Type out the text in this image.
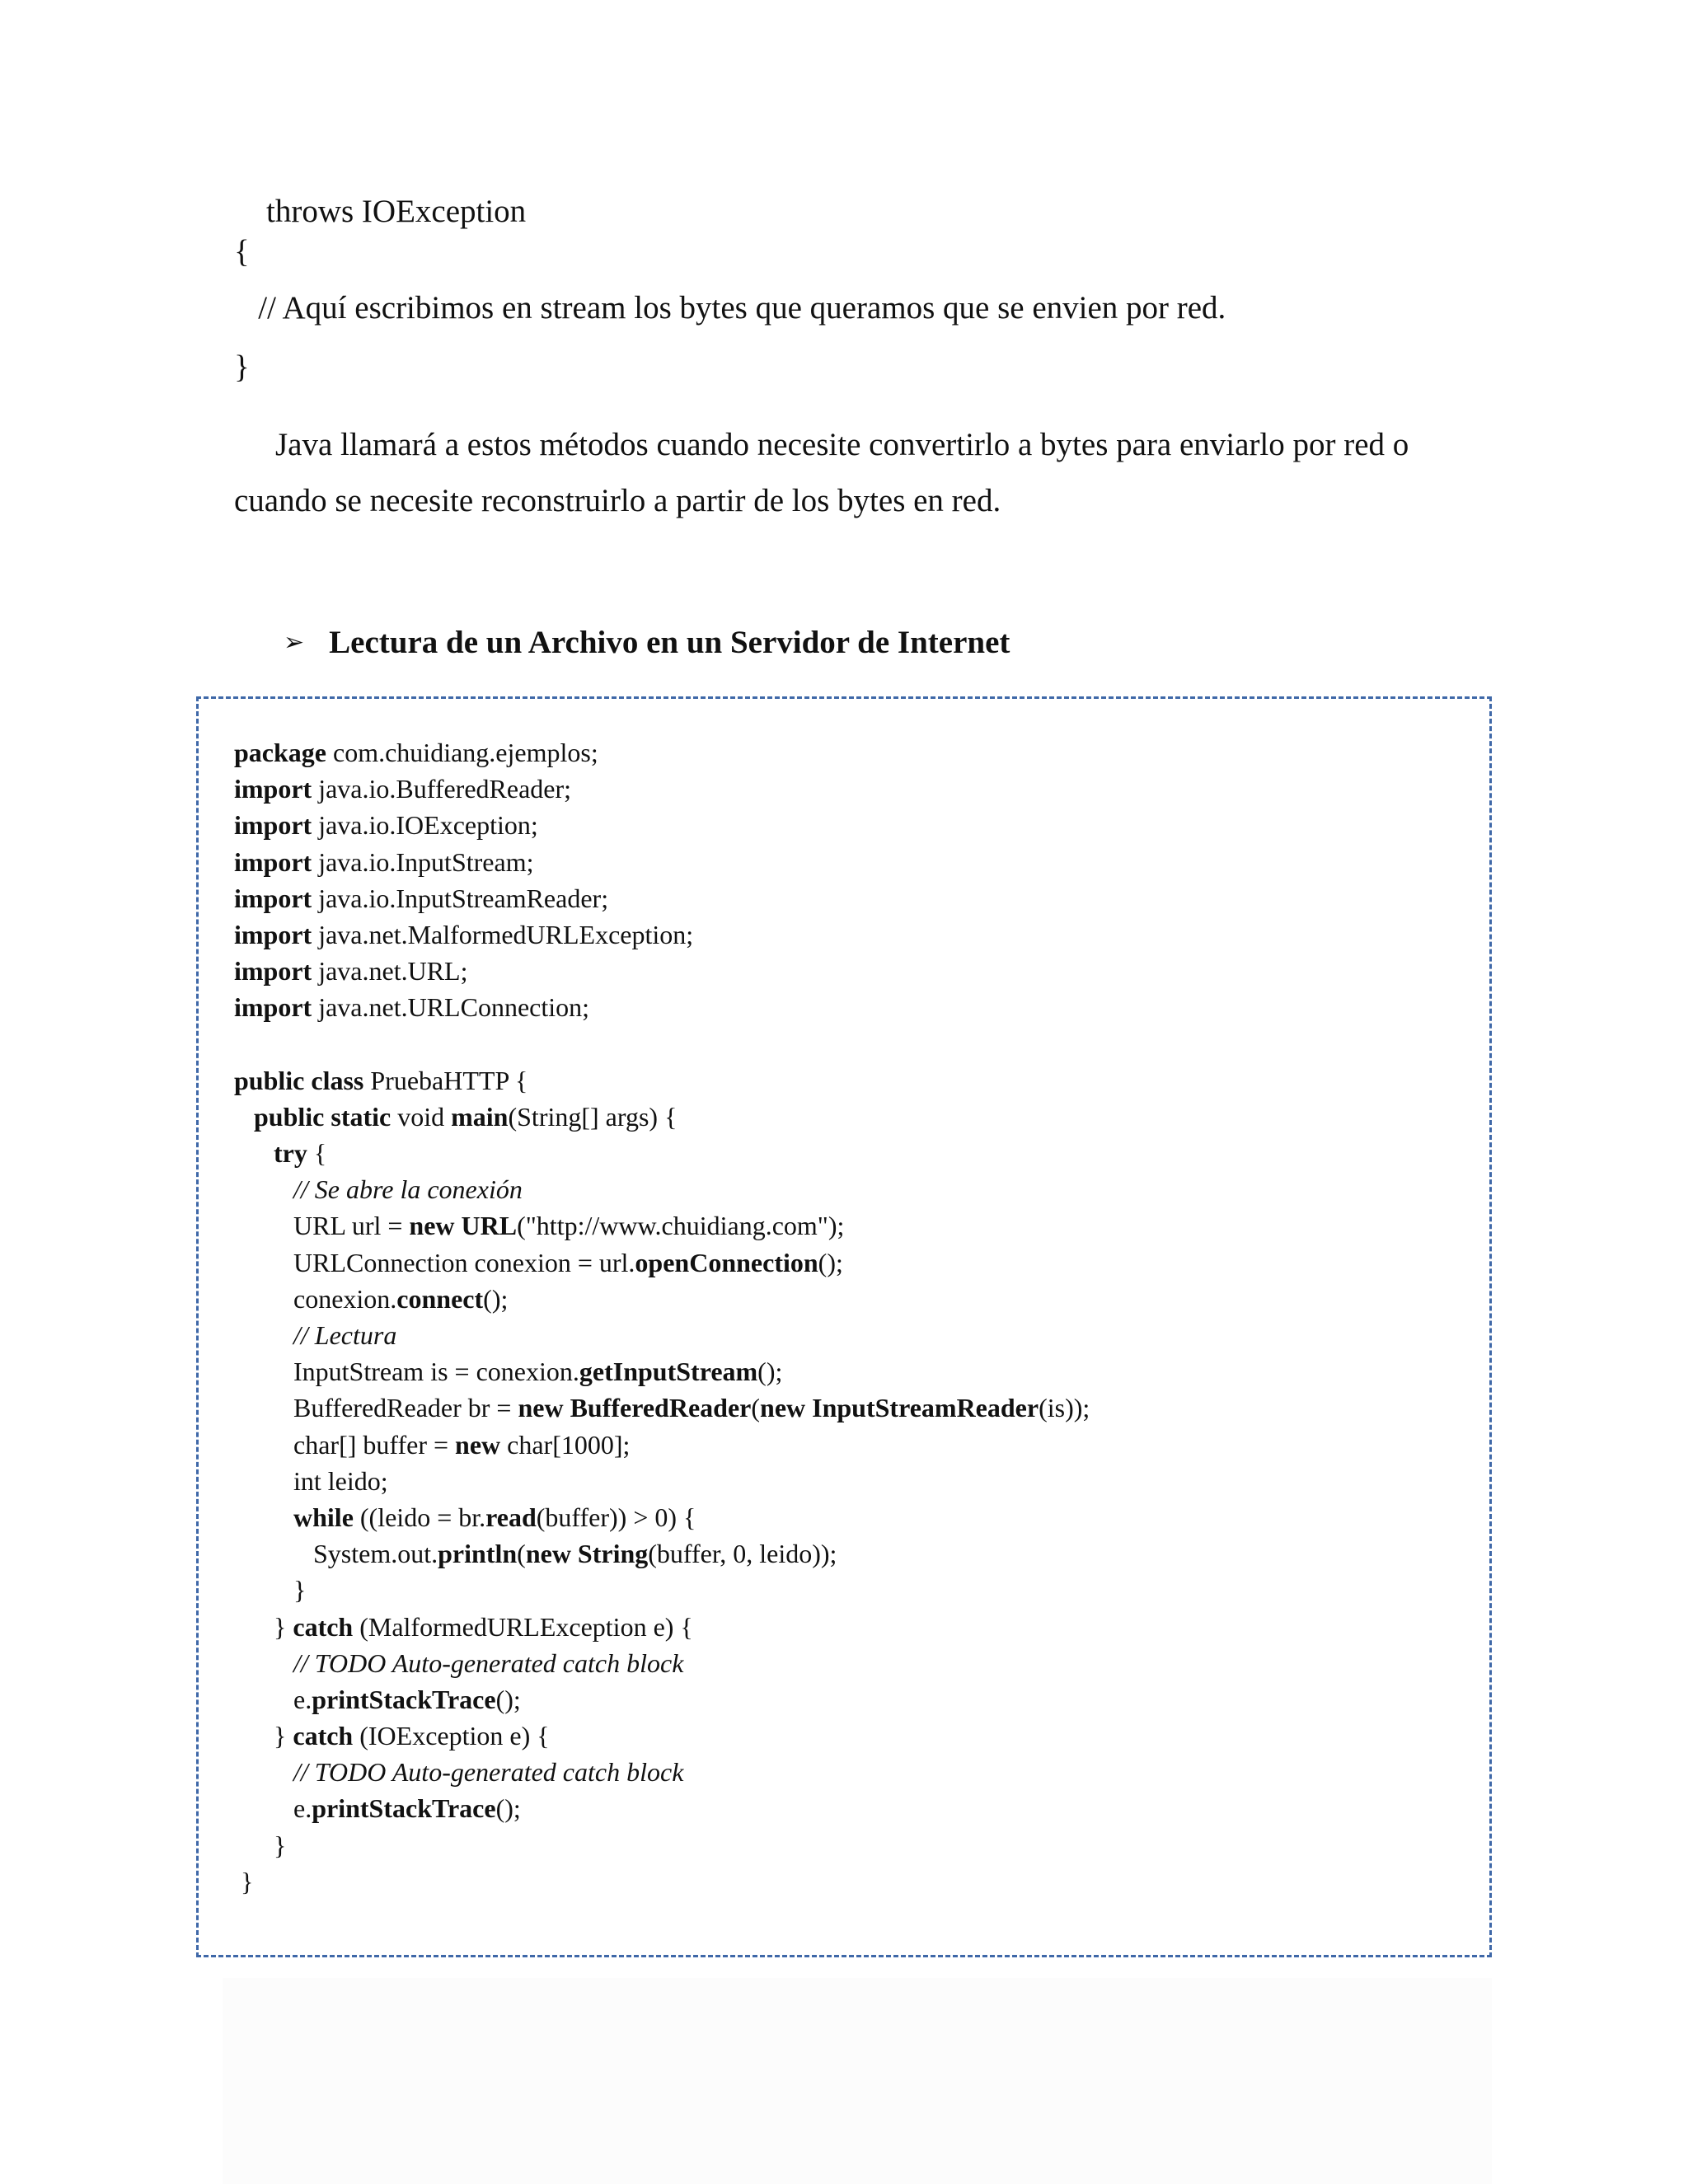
throws IOException
{
// Aquí escribimos en stream los bytes que queramos que se envien por red.
}
Java llamará a estos métodos cuando necesite convertirlo a bytes para enviarlo por red o cuando se necesite reconstruirlo a partir de los bytes en red.
➢ Lectura de un Archivo en un Servidor de Internet
package com.chuidiang.ejemplos;
import java.io.BufferedReader;
import java.io.IOException;
import java.io.InputStream;
import java.io.InputStreamReader;
import java.net.MalformedURLException;
import java.net.URL;
import java.net.URLConnection;
public class PruebaHTTP {
public static void main(String[] args) {
try {
// Se abre la conexión
URL url = new URL("http://www.chuidiang.com");
URLConnection conexion = url.openConnection();
conexion.connect();
// Lectura
InputStream is = conexion.getInputStream();
BufferedReader br = new BufferedReader(new InputStreamReader(is));
char[] buffer = new char[1000];
int leido;
while ((leido = br.read(buffer)) > 0) {
System.out.println(new String(buffer, 0, leido));
}
} catch (MalformedURLException e) {
// TODO Auto-generated catch block
e.printStackTrace();
} catch (IOException e) {
// TODO Auto-generated catch block
e.printStackTrace();
}
}
